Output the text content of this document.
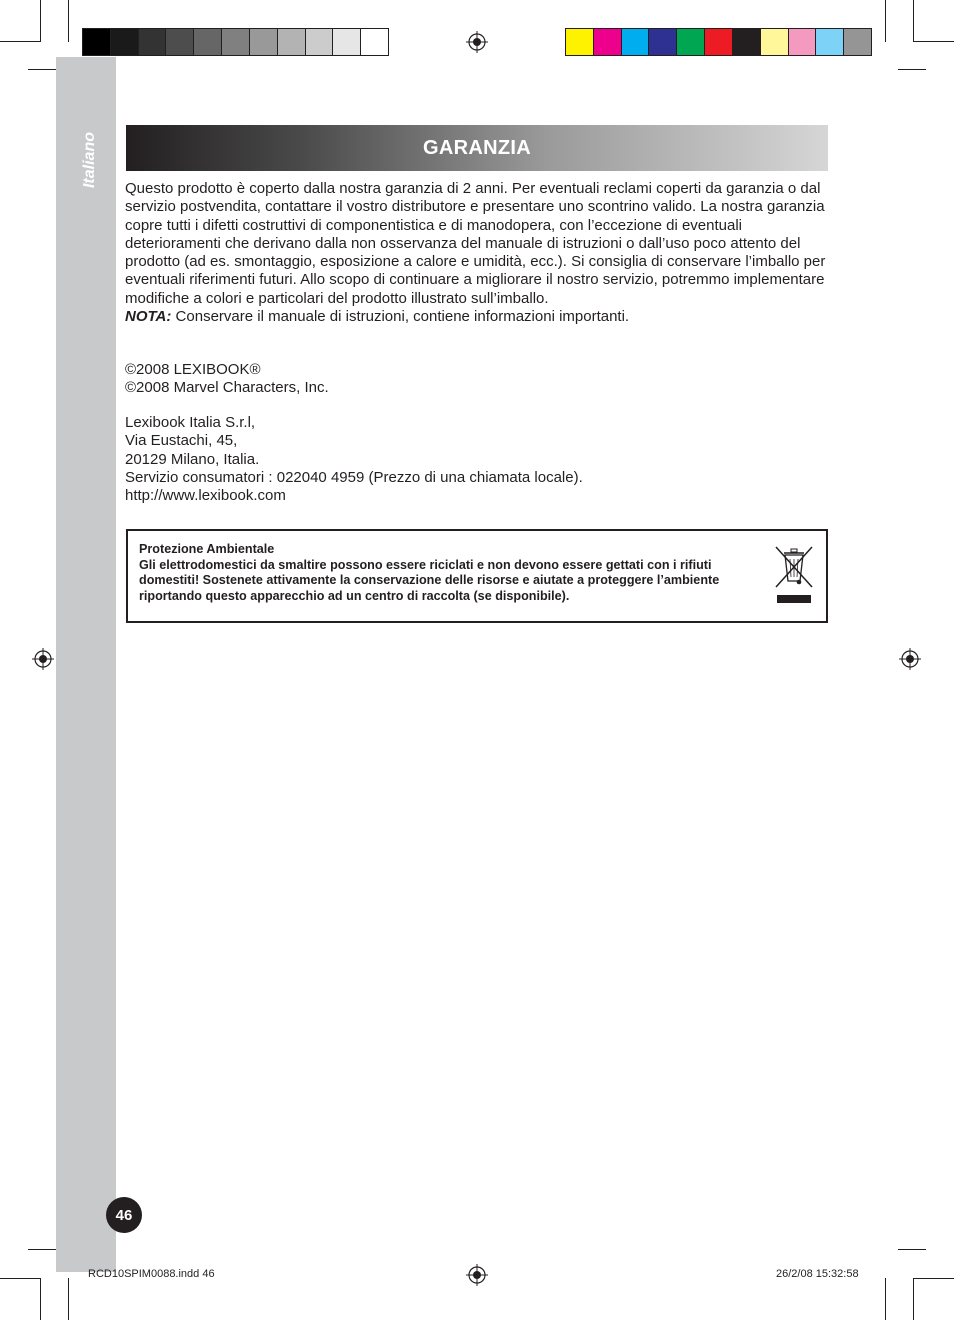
Italiano	GARANZIA

Questo prodotto è coperto dalla nostra garanzia di 2 anni. Per eventuali reclami coperti da garanzia o dal servizio postvendita, contattare il vostro distributore e presentare uno scontrino valido. La nostra garanzia copre tutti i difetti costruttivi di componentistica e di manodopera, con l’eccezione di eventuali deterioramenti che derivano dalla non osservanza del manuale di istruzioni o dall’uso poco attento del prodotto (ad es. smontaggio, esposizione a calore e umidità, ecc.). Si consiglia di conservare l’imballo per eventuali riferimenti futuri. Allo scopo di continuare a migliorare il nostro servizio, potremmo implementare modifiche a colori e particolari del prodotto illustrato sull’imballo.

NOTA: Conservare il manuale di istruzioni, contiene informazioni importanti.

©2008 LEXIBOOK®
©2008 Marvel Characters, Inc.
Lexibook Italia S.r.l,
Via Eustachi, 45,
20129 Milano, Italia.
Servizio consumatori : 022040 4959 (Prezzo di una chiamata locale).
http://www.lexibook.com
Protezione Ambientale
Gli elettrodomestici da smaltire possono essere riciclati e non devono essere gettati con i rifiuti domestiti! Sostenete attivamente la conservazione delle risorse e aiutate a proteggere l’ambiente riportando questo apparecchio ad un centro di raccolta (se disponibile).
46
RCD10SPIM0088.indd 46	26/2/08 15:32:58
